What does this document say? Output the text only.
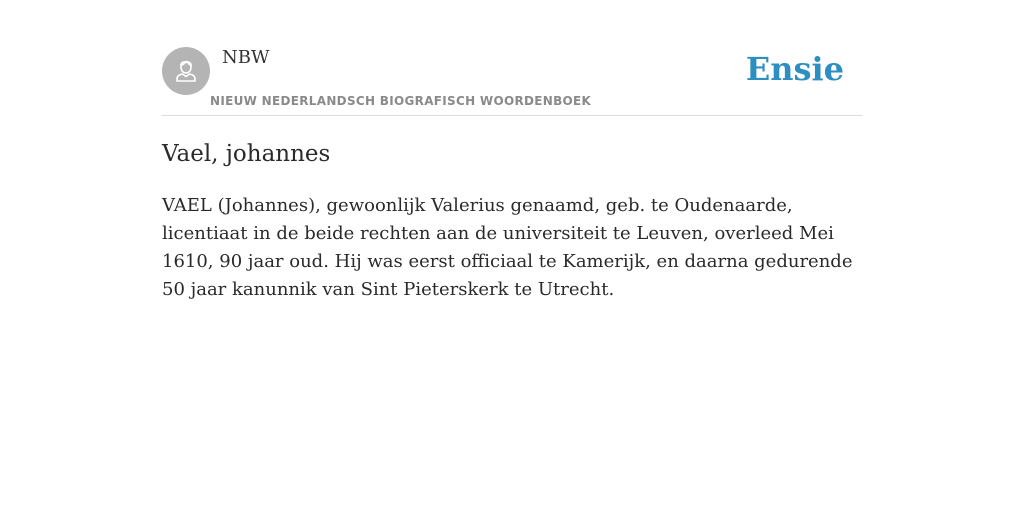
NBW
NIEUW NEDERLANDSCH BIOGRAFISCH WOORDENBOEK
Ensie
Vael, johannes

VAEL (Johannes), gewoonlijk Valerius genaamd, geb. te Oudenaarde, licentiaat in de beide rechten aan de universiteit te Leuven, overleed Mei 1610, 90 jaar oud. Hij was eerst officiaal te Kamerijk, en daarna gedurende 50 jaar kanunnik van Sint Pieterskerk te Utrecht.
